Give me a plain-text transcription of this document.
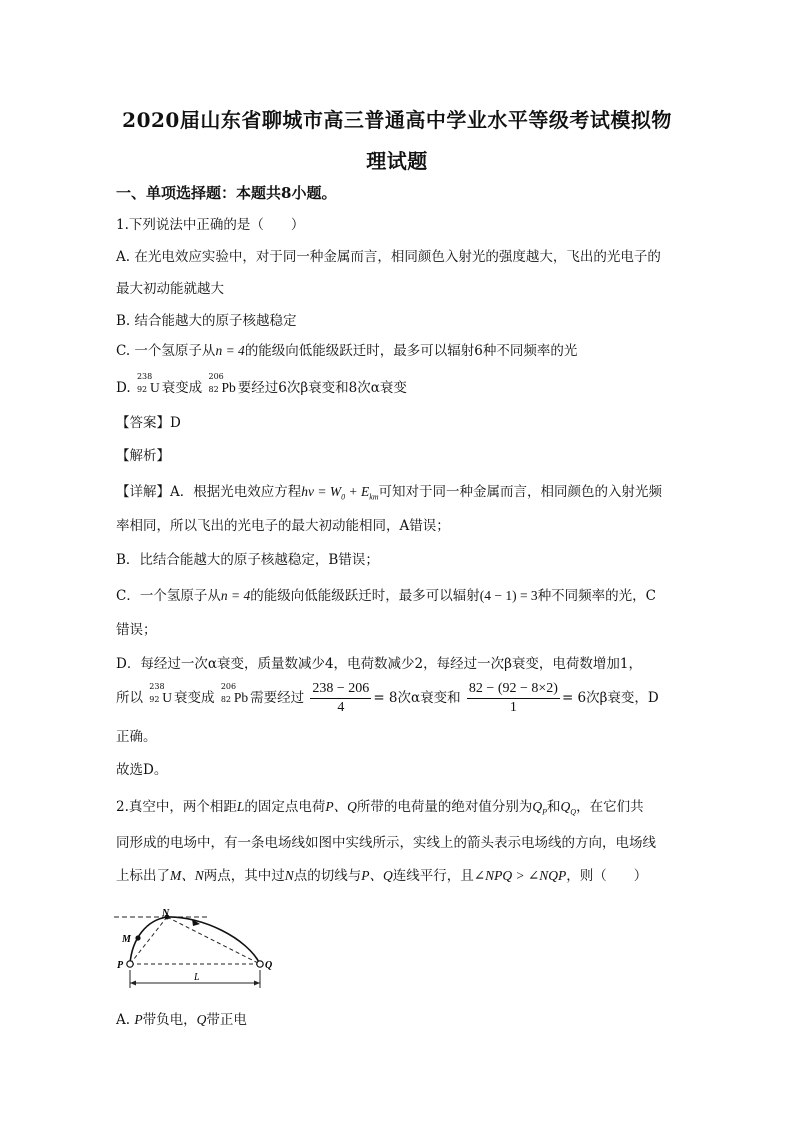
2020届山东省聊城市高三普通高中学业水平等级考试模拟物
理试题
一、单项选择题：本题共8小题。
1.下列说法中正确的是（　　）
A. 在光电效应实验中，对于同一种金属而言，相同颜色入射光的强度越大，飞出的光电子的
最大初动能就越大
B. 结合能越大的原子核越稳定
C. 一个氢原子从n = 4的能级向低能级跃迁时，最多可以辐射6种不同频率的光
D.
238
92 U 衰变成
206
82 Pb 要经过6次β衰变和8次α衰变
【答案】D
【解析】
【详解】A．根据光电效应方程$h\nu = W_0 + E_{km}$可知对于同一种金属而言，相同颜色的入射光频
率相同，所以飞出的光电子的最大初动能相同，A错误；
B．比结合能越大的原子核越稳定，B错误；
C．一个氢原子从n = 4的能级向低能级跃迁时，最多可以辐射(4 − 1) = 3种不同频率的光，C
错误；
D．每经过一次α衰变，质量数减少4，电荷数减少2，每经过一次β衰变，电荷数增加1，
所以
238
92 U 衰变成
206
82 Pb 需要经过 $\frac{238 - 206}{4} = 8$次α衰变和 $\frac{82 - (92 - 8\times 2)}{1} = 6$次β衰变，D
正确。
故选D。
2.真空中，两个相距L的固定点电荷P、Q所带的电荷量的绝对值分别为$Q_P$和$Q_Q$，在它们共
同形成的电场中，有一条电场线如图中实线所示，实线上的箭头表示电场线的方向，电场线
上标出了M、N两点，其中过N点的切线与P、Q连线平行，且∠NPQ > ∠NQP，则（　　）
N
M
P	Q
L
A. P带负电，Q带正电
